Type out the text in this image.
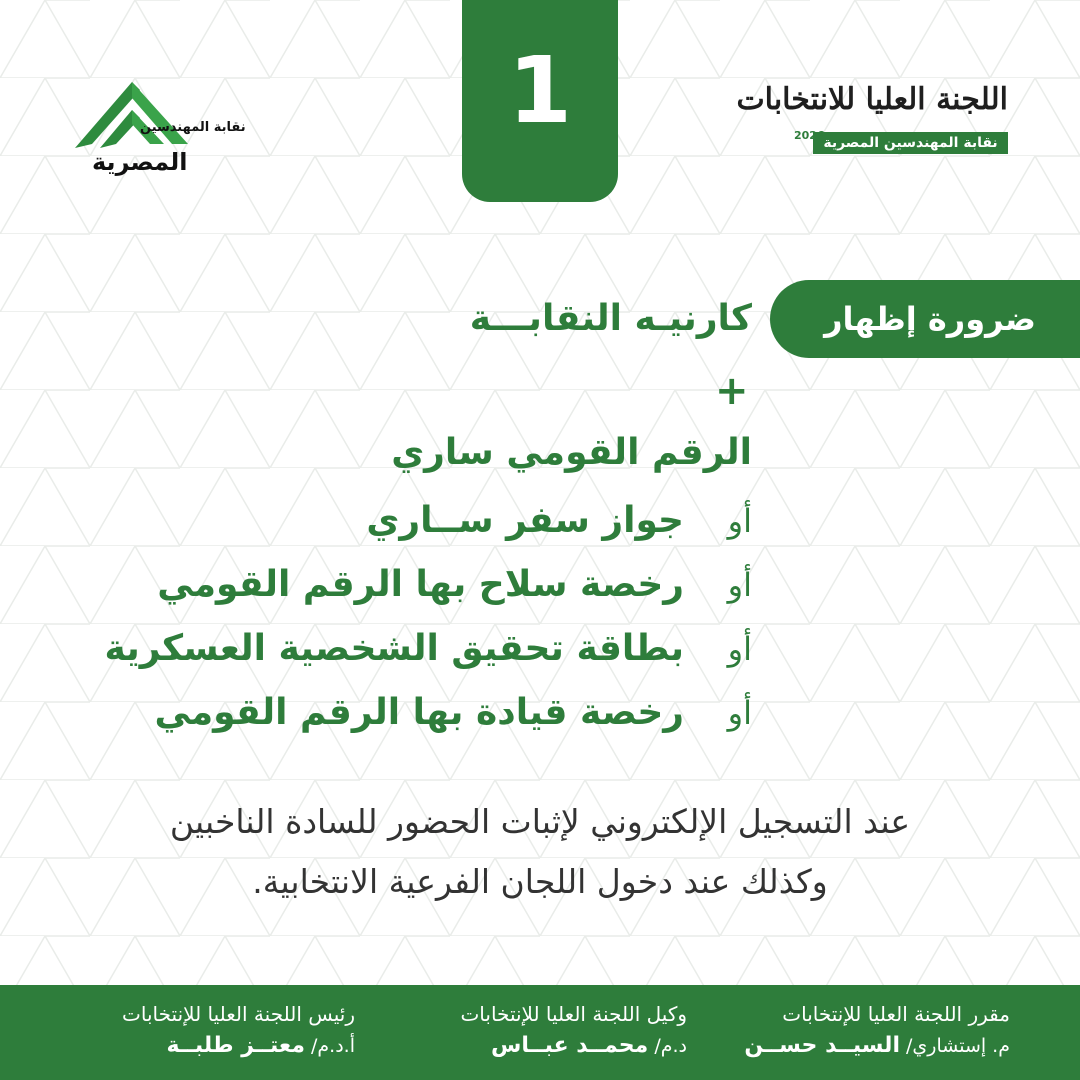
نقابة المهندسين
المصرية
1	اللجنة العليا للانتخابات
نقابة المهندسين المصرية
2026
ضرورة إظهار
كارنيـه النقابـــة
+
الرقم القومي ساري
أو
جواز سفر ســاري
أو
رخصة سلاح بها الرقم القومي
أو
بطاقة تحقيق الشخصية العسكرية
أو
رخصة قيادة بها الرقم القومي
عند التسجيل الإلكتروني لإثبات الحضور للسادة الناخبين
وكذلك عند دخول اللجان الفرعية الانتخابية.
مقرر اللجنة العليا للإنتخابات
م. إستشاري/ السيــد حســن
وكيل اللجنة العليا للإنتخابات
د.م/ محمــد عبــاس
رئيس اللجنة العليا للإنتخابات
أ.د.م/ معتــز طلبــة
